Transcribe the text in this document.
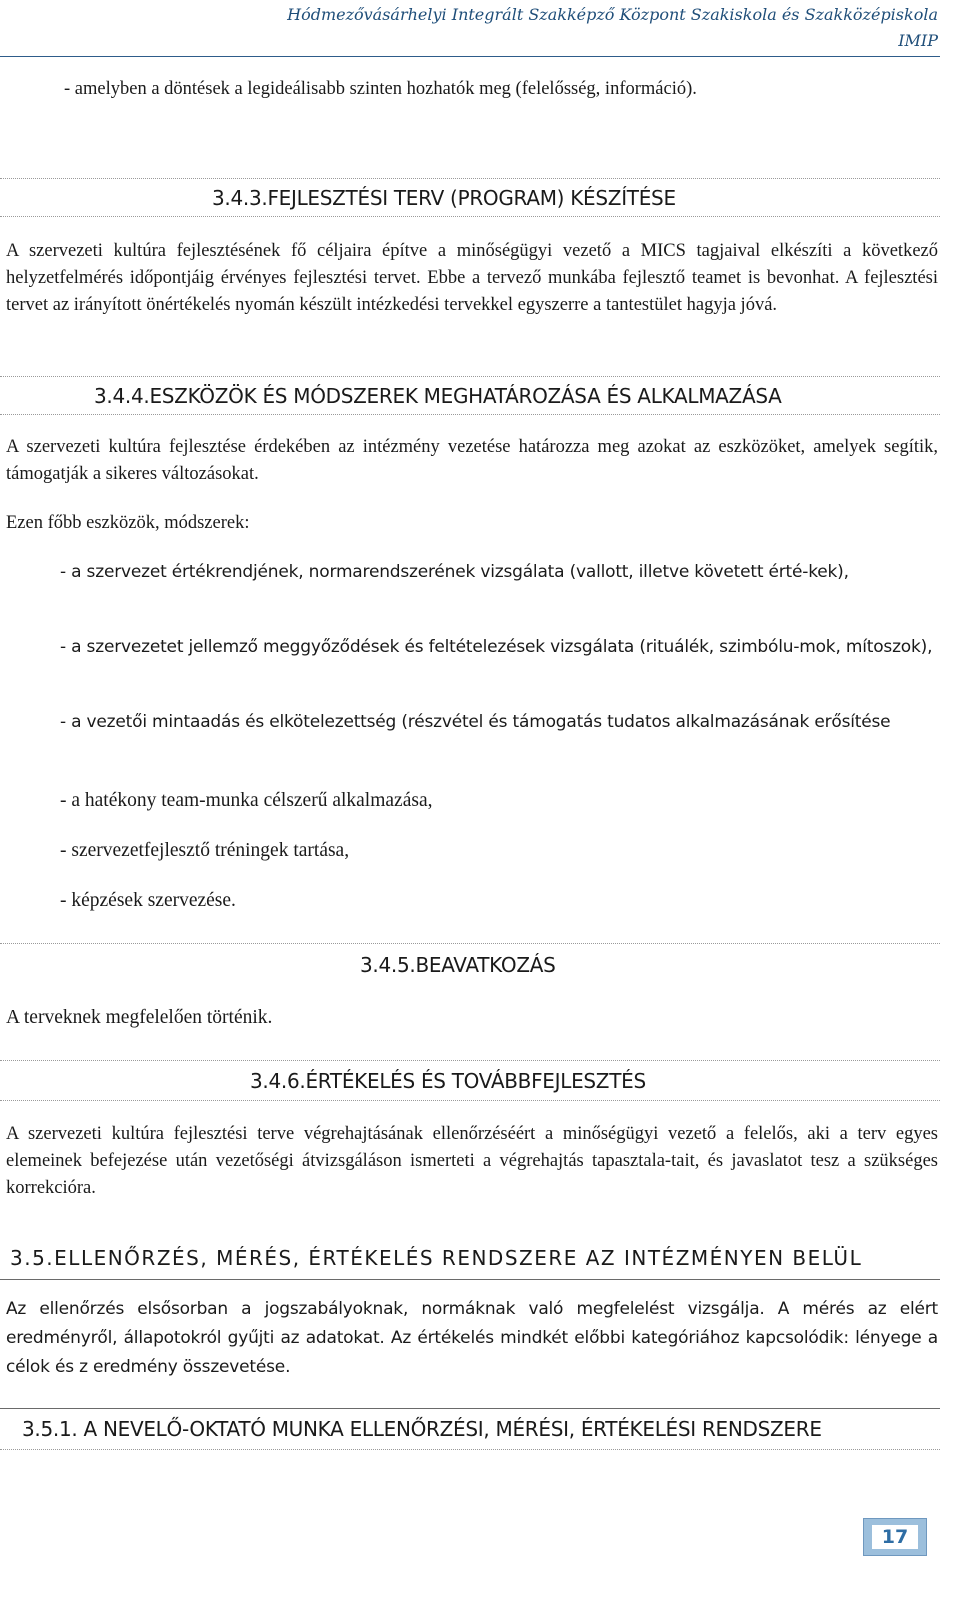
Hódmezővásárhelyi Integrált Szakképző Központ Szakiskola és Szakközépiskola
IMIP
- amelyben a döntések a legideálisabb szinten hozhatók meg (felelősség, információ).
3.4.3.FEJLESZTÉSI TERV (PROGRAM) KÉSZÍTÉSE
A szervezeti kultúra fejlesztésének fő céljaira építve a minőségügyi vezető a MICS tagjaival elkészíti a következő helyzetfelmérés időpontjáig érvényes fejlesztési tervet. Ebbe a tervező munkába fejlesztő teamet is bevonhat. A fejlesztési tervet az irányított önértékelés nyomán készült intézkedési tervekkel egyszerre a tantestület hagyja jóvá.
3.4.4.ESZKÖZÖK ÉS MÓDSZEREK MEGHATÁROZÁSA ÉS ALKALMAZÁSA
A szervezeti kultúra fejlesztése érdekében az intézmény vezetése határozza meg azokat az eszközöket, amelyek segítik, támogatják a sikeres változásokat.
Ezen főbb eszközök, módszerek:
- a szervezet értékrendjének, normarendszerének vizsgálata (vallott, illetve követett érté-kek),
- a szervezetet jellemző meggyőződések és feltételezések vizsgálata (rituálék, szimbólu-mok, mítoszok),
- a vezetői mintaadás és elkötelezettség (részvétel és támogatás tudatos alkalmazásának erősítése
- a hatékony team-munka célszerű alkalmazása,
- szervezetfejlesztő tréningek tartása,
- képzések szervezése.
3.4.5.BEAVATKOZÁS
A terveknek megfelelően történik.
3.4.6.ÉRTÉKELÉS ÉS TOVÁBBFEJLESZTÉS
A szervezeti kultúra fejlesztési terve végrehajtásának ellenőrzéséért a minőségügyi vezető a felelős, aki a terv egyes elemeinek befejezése után vezetőségi átvizsgáláson ismerteti a végrehajtás tapasztala-tait, és javaslatot tesz a szükséges korrekcióra.
3.5.ELLENŐRZÉS, MÉRÉS, ÉRTÉKELÉS RENDSZERE AZ INTÉZMÉNYEN BELÜL
Az ellenőrzés elsősorban a jogszabályoknak, normáknak való megfelelést vizsgálja. A mérés az elért eredményről, állapotokról gyűjti az adatokat. Az értékelés mindkét előbbi kategóriához kapcsolódik: lényege a célok és z eredmény összevetése.
3.5.1. A NEVELŐ-OKTATÓ MUNKA ELLENŐRZÉSI, MÉRÉSI, ÉRTÉKELÉSI RENDSZERE
17
